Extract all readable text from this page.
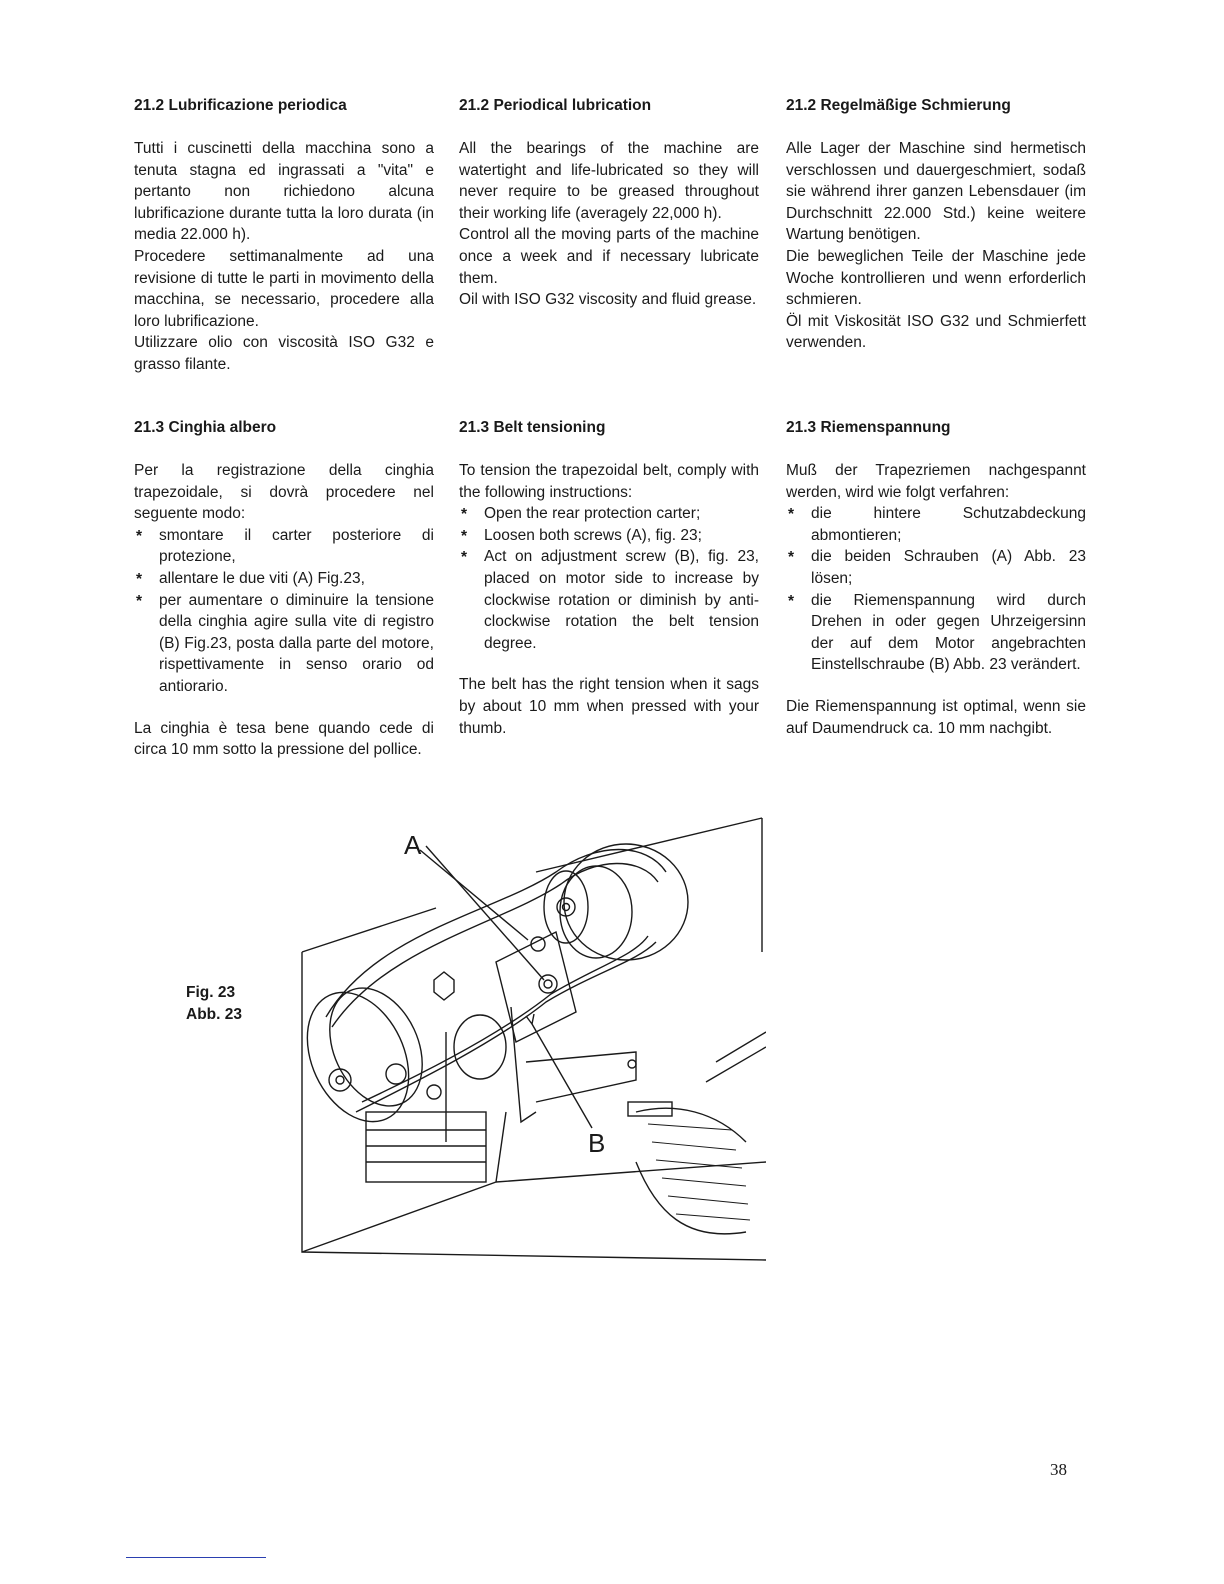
21.2 Lubrificazione periodica

Tutti i cuscinetti della macchina sono a tenuta stagna ed ingrassati a "vita" e pertanto non richiedono alcuna lubrificazione durante tutta la loro durata (in media 22.000 h).

Procedere settimanalmente ad una revisione di tutte le parti in movimento della macchina, se necessario, procedere alla loro lubrificazione.

Utilizzare olio con viscosità ISO G32 e grasso filante.

21.3 Cinghia albero

Per la registrazione della cinghia trapezoidale, si dovrà procedere nel seguente modo:

* smontare il carter posteriore di protezione,
* allentare le due viti (A) Fig.23,
* per aumentare o diminuire la tensione della cinghia agire sulla vite di registro (B) Fig.23, posta dalla parte del motore, rispettivamente in senso orario od antiorario.

La cinghia è tesa bene quando cede di circa 10 mm sotto la pressione del pollice.

21.2 Periodical lubrication

All the bearings of the machine are watertight and life-lubricated so they will never require to be greased throughout their working life (averagely 22,000 h).

Control all the moving parts of the machine once a week and if necessary lubricate them.

Oil with ISO G32 viscosity and fluid grease.

21.3 Belt tensioning

To tension the trapezoidal belt, comply with the following instructions:

* Open the rear protection carter;
* Loosen both screws (A), fig. 23;
* Act on adjustment screw (B), fig. 23, placed on motor side to increase by clockwise rotation or diminish by anti-clockwise rotation the belt tension degree.

The belt has the right tension when it sags by about 10 mm when pressed with your thumb.

21.2 Regelmäßige Schmierung

Alle Lager der Maschine sind hermetisch verschlossen und dauergeschmiert, sodaß sie während ihrer ganzen Lebensdauer (im Durchschnitt 22.000 Std.) keine weitere Wartung benötigen.

Die beweglichen Teile der Maschine jede Woche kontrollieren und wenn erforderlich schmieren.

Öl mit Viskosität ISO G32 und Schmierfett verwenden.

21.3 Riemenspannung

Muß der Trapezriemen nachgespannt werden, wird wie folgt verfahren:

* die hintere Schutzabdeckung abmontieren;
* die beiden Schrauben (A) Abb. 23 lösen;
* die Riemenspannung wird durch Drehen in oder gegen Uhrzeigersinn der auf dem Motor angebrachten Einstellschraube (B) Abb. 23 verändert.

Die Riemenspannung ist optimal, wenn sie auf Daumendruck ca. 10 mm nachgibt.

Fig. 23
Abb. 23
A
B
38
